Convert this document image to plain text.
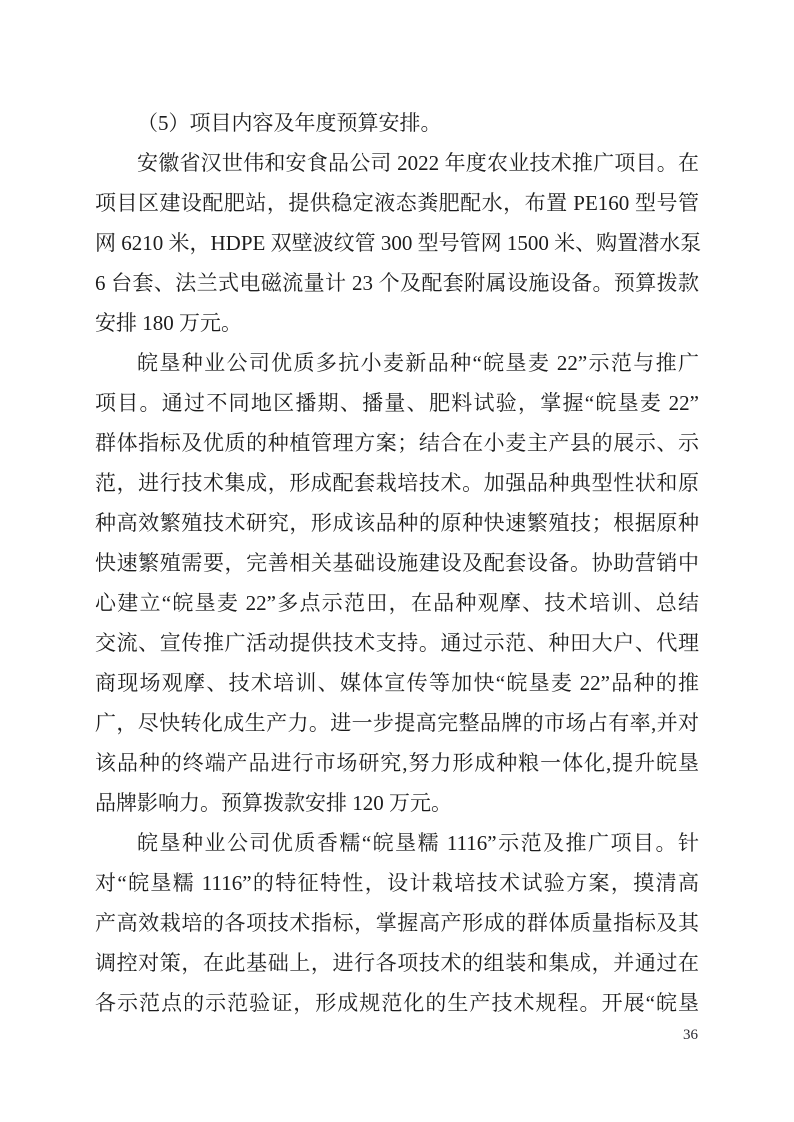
（5）项目内容及年度预算安排。
安徽省汉世伟和安食品公司 2022 年度农业技术推广项目。在
项目区建设配肥站，提供稳定液态粪肥配水，布置 PE160 型号管
网 6210 米，HDPE 双壁波纹管 300 型号管网 1500 米、购置潜水泵
6 台套、法兰式电磁流量计 23 个及配套附属设施设备。预算拨款
安排 180 万元。
皖垦种业公司优质多抗小麦新品种“皖垦麦 22”示范与推广
项目。通过不同地区播期、播量、肥料试验，掌握“皖垦麦 22”
群体指标及优质的种植管理方案；结合在小麦主产县的展示、示
范，进行技术集成，形成配套栽培技术。加强品种典型性状和原
种高效繁殖技术研究，形成该品种的原种快速繁殖技；根据原种
快速繁殖需要，完善相关基础设施建设及配套设备。协助营销中
心建立“皖垦麦 22”多点示范田，在品种观摩、技术培训、总结
交流、宣传推广活动提供技术支持。通过示范、种田大户、代理
商现场观摩、技术培训、媒体宣传等加快“皖垦麦 22”品种的推
广，尽快转化成生产力。进一步提高完整品牌的市场占有率,并对
该品种的终端产品进行市场研究,努力形成种粮一体化,提升皖垦
品牌影响力。预算拨款安排 120 万元。
皖垦种业公司优质香糯“皖垦糯 1116”示范及推广项目。针
对“皖垦糯 1116”的特征特性，设计栽培技术试验方案，摸清高
产高效栽培的各项技术指标，掌握高产形成的群体质量指标及其
调控对策，在此基础上，进行各项技术的组装和集成，并通过在
各示范点的示范验证，形成规范化的生产技术规程。开展“皖垦
36
